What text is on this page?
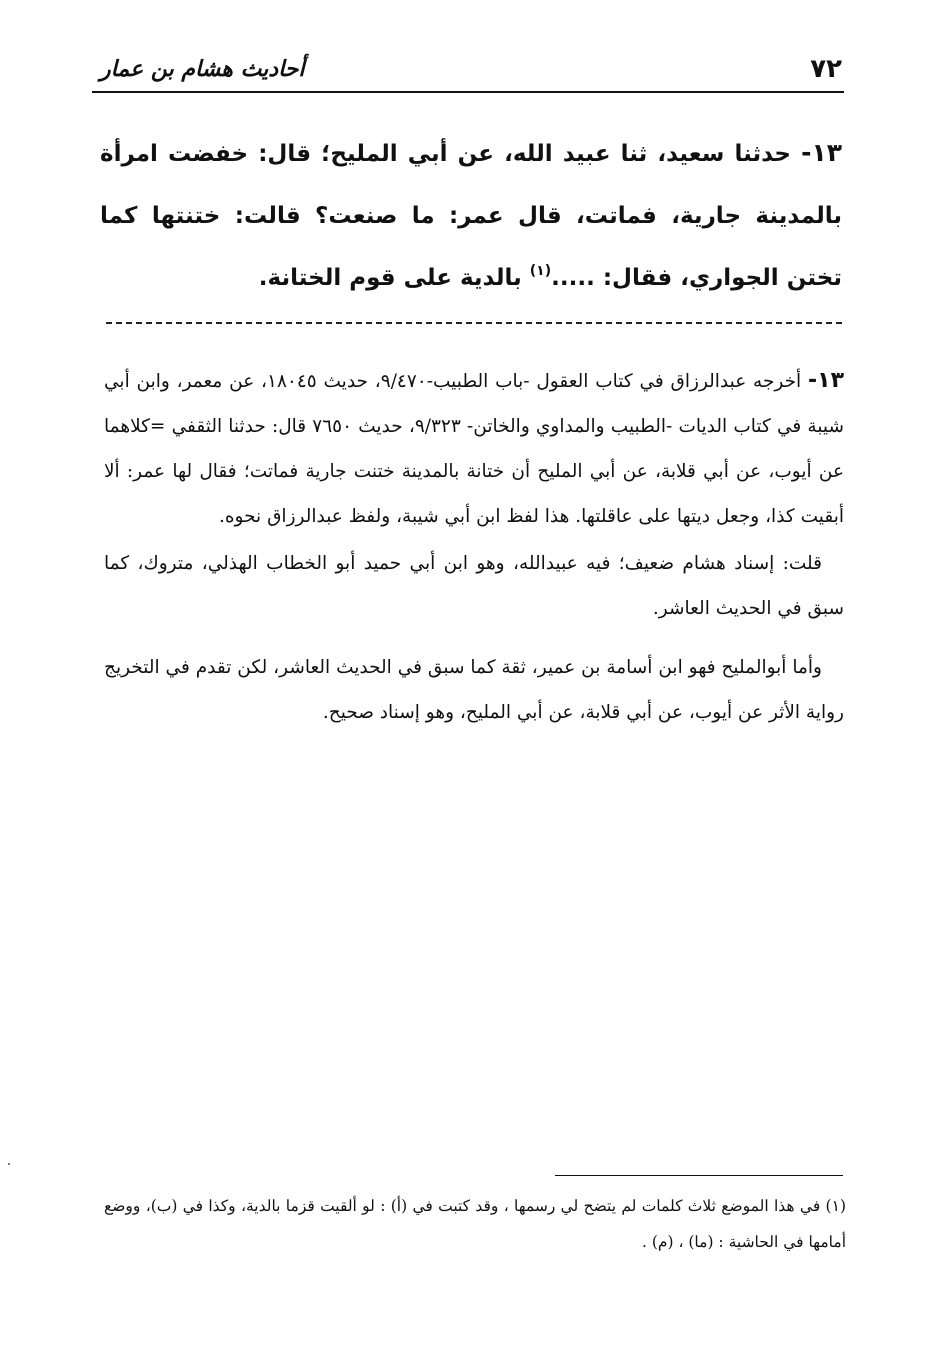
٧٢
أحاديث هشام بن عمار
١٣- حدثنا سعيد، ثنا عبيد الله، عن أبي المليح؛ قال: خفضت امرأة بالمدينة جارية، فماتت، قال عمر: ما صنعت؟ قالت: ختنتها كما تختن الجواري، فقال: .....$^{(١)}$ بالدية على قوم الختانة.

١٣- أخرجه عبدالرزاق في كتاب العقول -باب الطبيب-٩/٤٧٠، حديث ١٨٠٤٥، عن معمر، وابن أبي شيبة في كتاب الديات -الطبيب والمداوي والخاتن- ٩/٣٢٣، حديث ٧٦٥٠ قال: حدثنا الثقفي =كلاهما عن أيوب، عن أبي قلابة، عن أبي المليح أن ختانة بالمدينة ختنت جارية فماتت؛ فقال لها عمر: ألا أبقيت كذا، وجعل ديتها على عاقلتها. هذا لفظ ابن أبي شيبة، ولفظ عبدالرزاق نحوه.

قلت: إسناد هشام ضعيف؛ فيه عبيدالله، وهو ابن أبي حميد أبو الخطاب الهذلي، متروك، كما سبق في الحديث العاشر.

وأما أبوالمليح فهو ابن أسامة بن عمير، ثقة كما سبق في الحديث العاشر، لكن تقدم في التخريج رواية الأثر عن أيوب، عن أبي قلابة، عن أبي المليح، وهو إسناد صحيح.

(١) في هذا الموضع ثلاث كلمات لم يتضح لي رسمها ، وقد كتبت في (أ) : لو ألقيت قزما بالدية، وكذا في (ب)، ووضع أمامها في الحاشية : (ما) ، (م) .
